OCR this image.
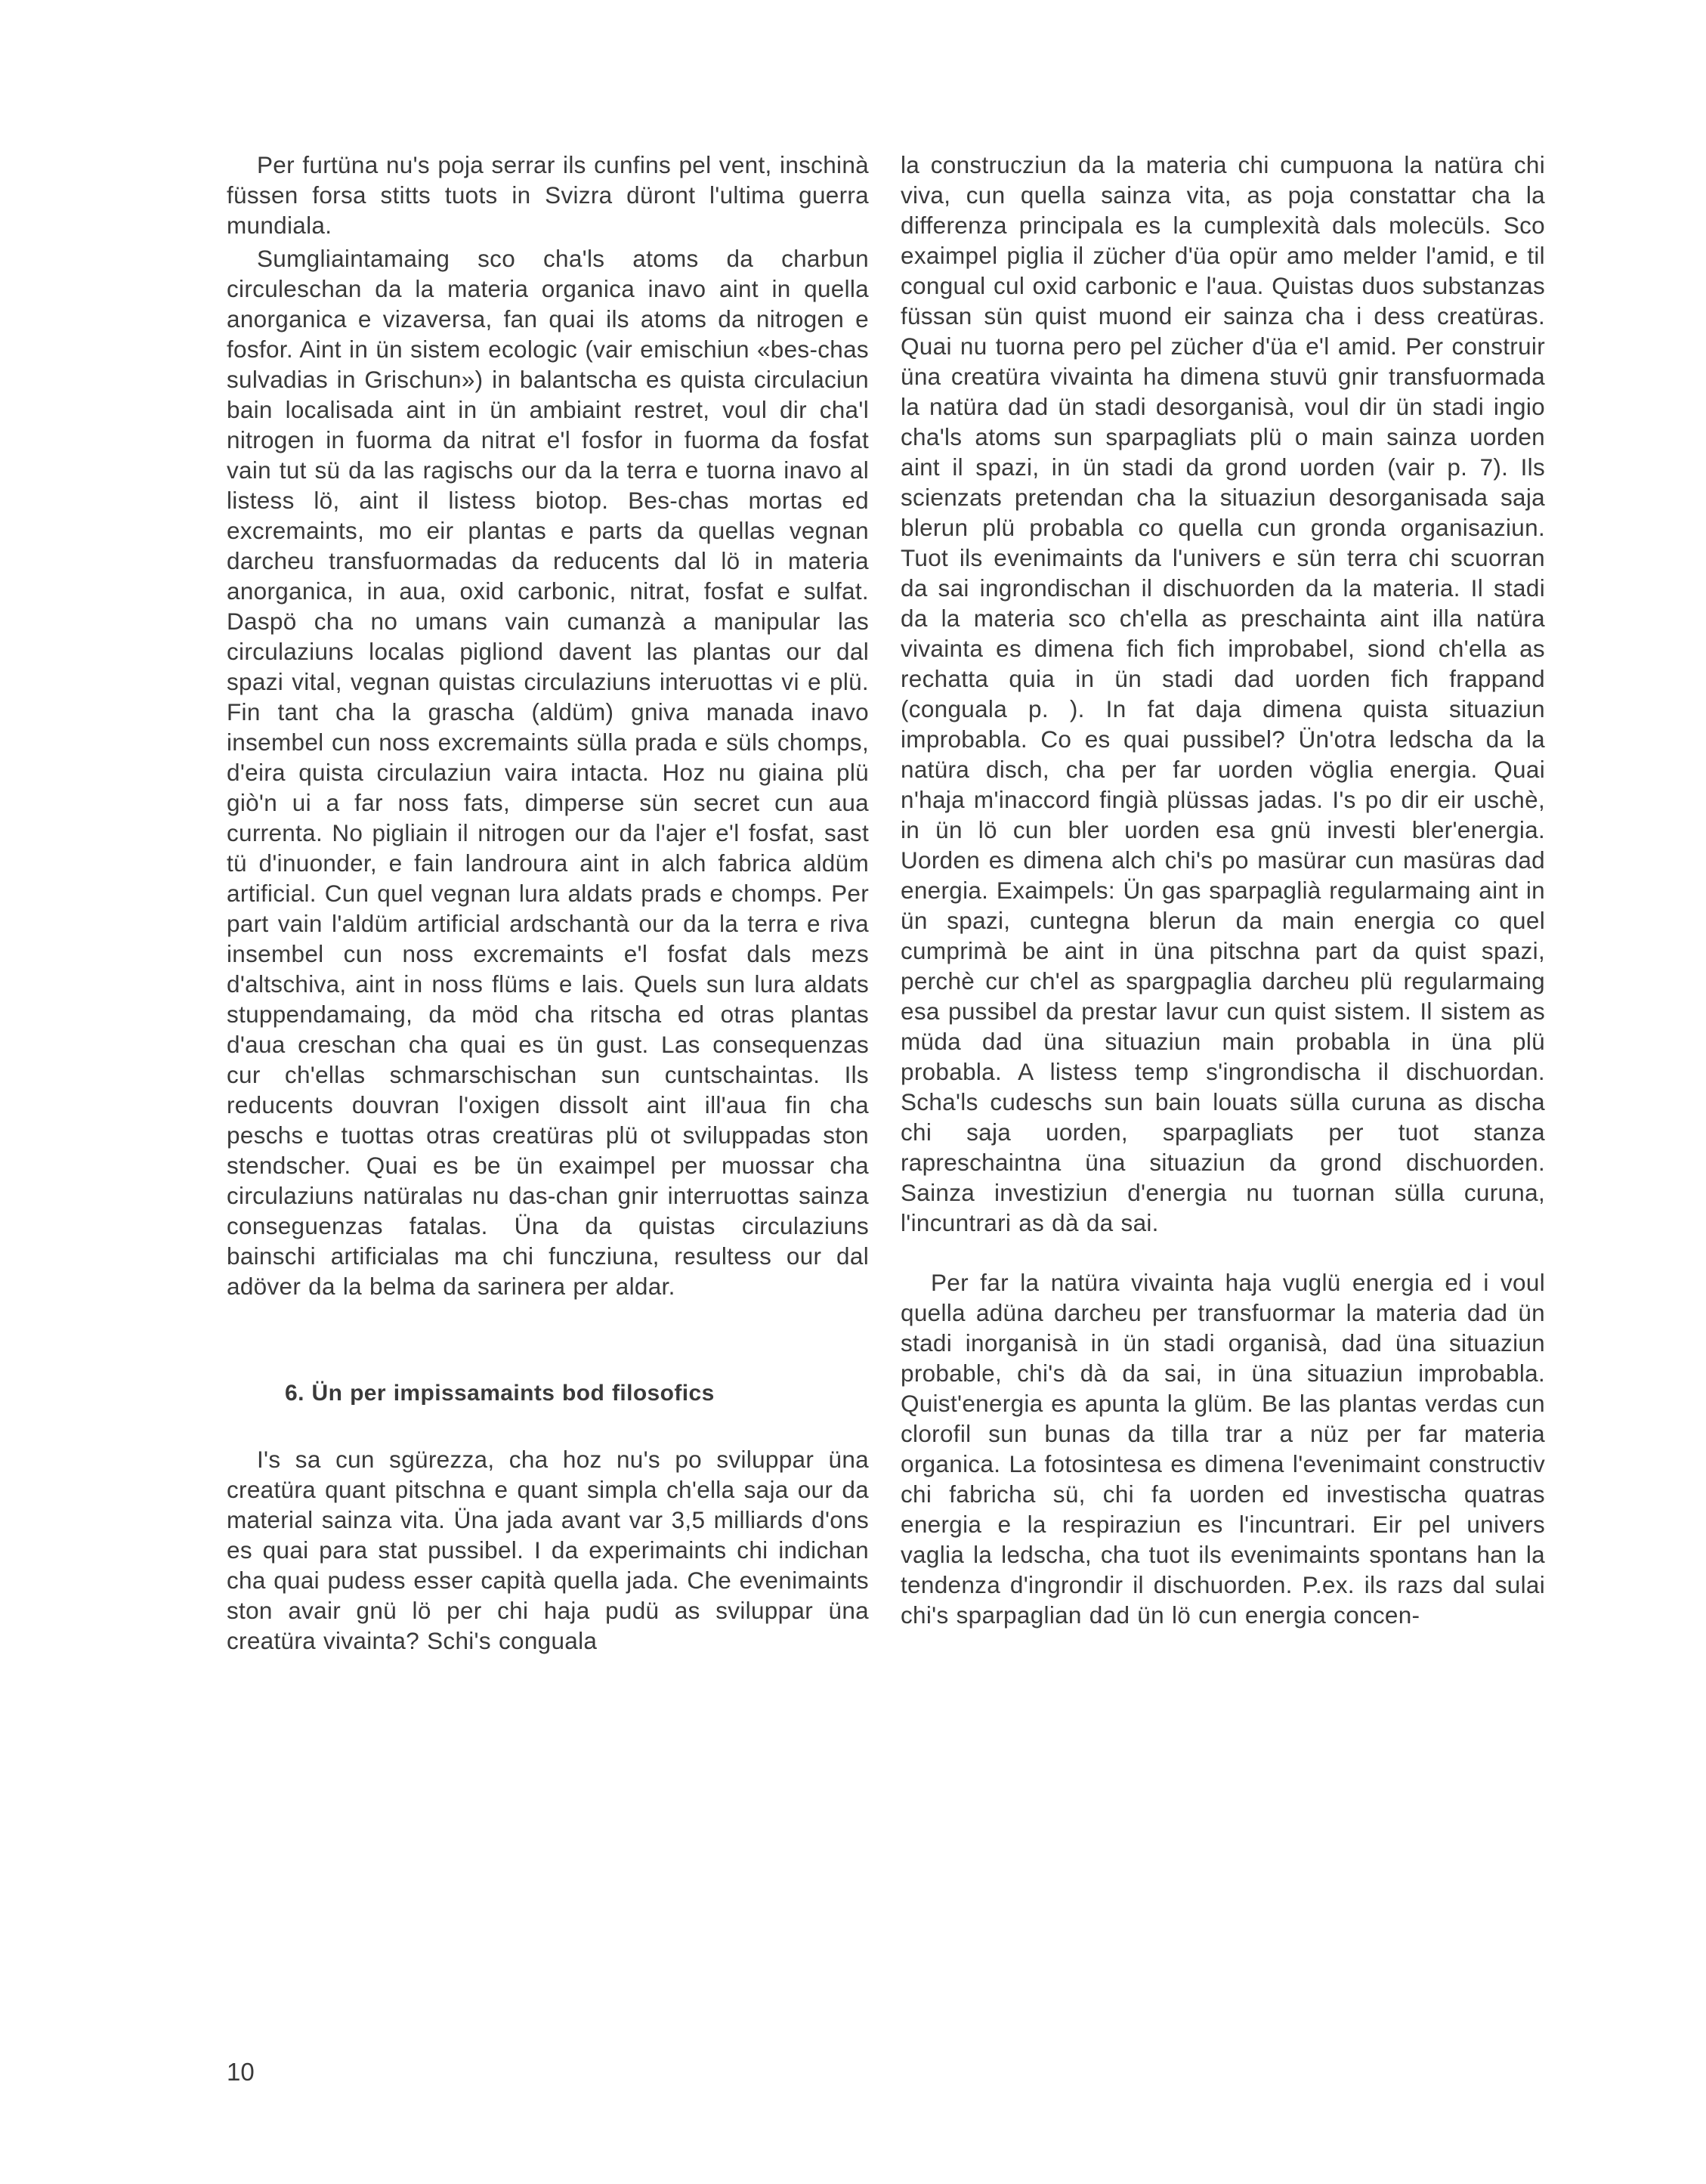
Per furtüna nu's poja serrar ils cunfins pel vent, inschinà füssen forsa stitts tuots in Svizra düront l'ultima guerra mundiala.

Sumgliaintamaing sco cha'ls atoms da charbun circuleschan da la materia organica inavo aint in quella anorganica e vizaversa, fan quai ils atoms da nitrogen e fosfor. Aint in ün sistem ecologic (vair emischiun «bes-chas sulvadias in Grischun») in balantscha es quista circulaciun bain localisada aint in ün ambiaint restret, voul dir cha'l nitrogen in fuorma da nitrat e'l fosfor in fuorma da fosfat vain tut sü da las ragischs our da la terra e tuorna inavo al listess lö, aint il listess biotop. Bes-chas mortas ed excremaints, mo eir plantas e parts da quellas vegnan darcheu transfuormadas da reducents dal lö in materia anorganica, in aua, oxid carbonic, nitrat, fosfat e sulfat. Daspö cha no umans vain cumanzà a manipular las circulaziuns localas pigliond davent las plantas our dal spazi vital, vegnan quistas circulaziuns interuottas vi e plü. Fin tant cha la grascha (aldüm) gniva manada inavo insembel cun noss excremaints sülla prada e süls chomps, d'eira quista circulaziun vaira intacta. Hoz nu giaina plü giò'n ui a far noss fats, dimperse sün secret cun aua currenta. No pigliain il nitrogen our da l'ajer e'l fosfat, sast tü d'inuonder, e fain landroura aint in alch fabrica aldüm artificial. Cun quel vegnan lura aldats prads e chomps. Per part vain l'aldüm artificial ardschantà our da la terra e riva insembel cun noss excremaints e'l fosfat dals mezs d'altschiva, aint in noss flüms e lais. Quels sun lura aldats stuppendamaing, da möd cha ritscha ed otras plantas d'aua creschan cha quai es ün gust. Las consequenzas cur ch'ellas schmarschischan sun cuntschaintas. Ils reducents douvran l'oxigen dissolt aint ill'aua fin cha peschs e tuottas otras creatüras plü ot sviluppadas ston stendscher. Quai es be ün exaimpel per muossar cha circulaziuns natüralas nu das-chan gnir interruottas sainza conseguenzas fatalas. Üna da quistas circulaziuns bainschi artificialas ma chi funcziuna, resultess our dal adöver da la belma da sarinera per aldar.

6. Ün per impissamaints bod filosofics

I's sa cun sgürezza, cha hoz nu's po sviluppar üna creatüra quant pitschna e quant simpla ch'ella saja our da material sainza vita. Üna jada avant var 3,5 milliards d'ons es quai para stat pussibel. I da experimaints chi indichan cha quai pudess esser capità quella jada. Che evenimaints ston avair gnü lö per chi haja pudü as sviluppar üna creatüra vivainta? Schi's conguala

la construcziun da la materia chi cumpuona la natüra chi viva, cun quella sainza vita, as poja constattar cha la differenza principala es la cumplexità dals molecüls. Sco exaimpel piglia il zücher d'üa opür amo melder l'amid, e til congual cul oxid carbonic e l'aua. Quistas duos substanzas füssan sün quist muond eir sainza cha i dess creatüras. Quai nu tuorna pero pel zücher d'üa e'l amid. Per construir üna creatüra vivainta ha dimena stuvü gnir transfuormada la natüra dad ün stadi desorganisà, voul dir ün stadi ingio cha'ls atoms sun sparpagliats plü o main sainza uorden aint il spazi, in ün stadi da grond uorden (vair p. 7). Ils scienzats pretendan cha la situaziun desorganisada saja blerun plü probabla co quella cun gronda organisaziun. Tuot ils evenimaints da l'univers e sün terra chi scuorran da sai ingrondischan il dischuorden da la materia. Il stadi da la materia sco ch'ella as preschainta aint illa natüra vivainta es dimena fich fich improbabel, siond ch'ella as rechatta quia in ün stadi dad uorden fich frappand (conguala p. ). In fat daja dimena quista situaziun improbabla. Co es quai pussibel? Ün'otra ledscha da la natüra disch, cha per far uorden vöglia energia. Quai n'haja m'inaccord fingià plüssas jadas. I's po dir eir uschè, in ün lö cun bler uorden esa gnü investi bler'energia. Uorden es dimena alch chi's po masürar cun masüras dad energia. Exaimpels: Ün gas sparpaglià regularmaing aint in ün spazi, cuntegna blerun da main energia co quel cumprimà be aint in üna pitschna part da quist spazi, perchè cur ch'el as spargpaglia darcheu plü regularmaing esa pussibel da prestar lavur cun quist sistem. Il sistem as müda dad üna situaziun main probabla in üna plü probabla. A listess temp s'ingrondischa il dischuordan. Scha'ls cudeschs sun bain louats süllа curuna as discha chi saja uorden, sparpagliats per tuot stanza rapreschaintna üna situaziun da grond dischuorden. Sainza investiziun d'energia nu tuornan süllа curuna, l'incuntrari as dà da sai.

Per far la natüra vivainta haja vuglü energia ed i voul quella adüna darcheu per transfuormar la materia dad ün stadi inorganisà in ün stadi organisà, dad üna situaziun probable, chi's dà da sai, in üna situaziun improbabla. Quist'energia es apunta la glüm. Be las plantas verdas cun clorofil sun bunas da tilla trar a nüz per far materia organica. La fotosintesa es dimena l'evenimaint constructiv chi fabricha sü, chi fa uorden ed investischa quatras energia e la respiraziun es l'incuntrari. Eir pel univers vaglia la ledscha, cha tuot ils evenimaints spontans han la tendenza d'ingrondir il dischuorden. P.ex. ils razs dal sulai chi's sparpaglian dad ün lö cun energia concen-

10
